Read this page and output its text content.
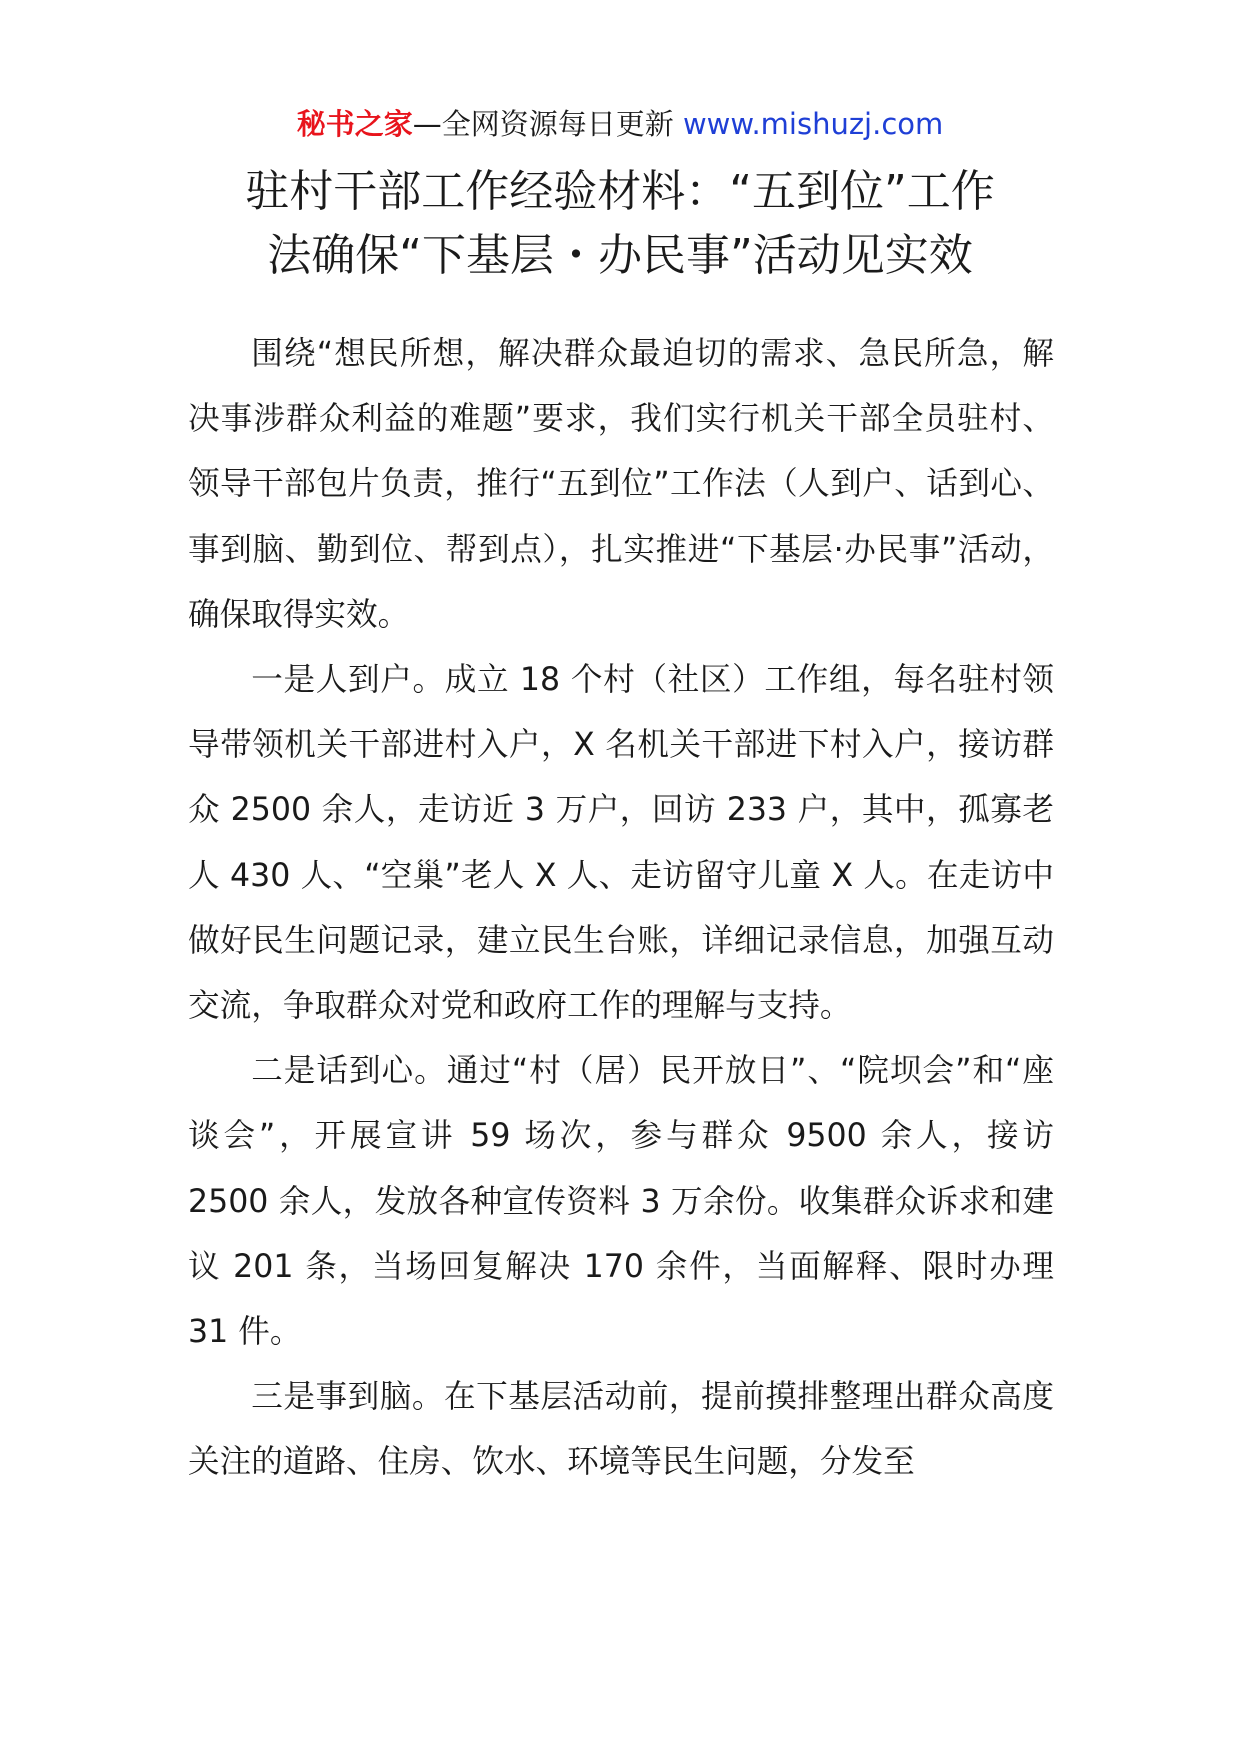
秘书之家—全网资源每日更新 www.mishuzj.com
驻村干部工作经验材料：“五到位”工作
法确保“下基层・办民事”活动见实效

围绕“想民所想，解决群众最迫切的需求、急民所急，解决事涉群众利益的难题”要求，我们实行机关干部全员驻村、领导干部包片负责，推行“五到位”工作法（人到户、话到心、事到脑、勤到位、帮到点），扎实推进“下基层·办民事”活动，确保取得实效。

一是人到户。成立 18 个村（社区）工作组，每名驻村领导带领机关干部进村入户，X 名机关干部进下村入户，接访群众 2500 余人，走访近 3 万户，回访 233 户，其中，孤寡老人 430 人、“空巢”老人 X 人、走访留守儿童 X 人。在走访中做好民生问题记录，建立民生台账，详细记录信息，加强互动交流，争取群众对党和政府工作的理解与支持。

二是话到心。通过“村（居）民开放日”、“院坝会”和“座谈会”，开展宣讲 59 场次，参与群众 9500 余人，接访 2500 余人，发放各种宣传资料 3 万余份。收集群众诉求和建议 201 条，当场回复解决 170 余件，当面解释、限时办理 31 件。

三是事到脑。在下基层活动前，提前摸排整理出群众高度关注的道路、住房、饮水、环境等民生问题，分发至
